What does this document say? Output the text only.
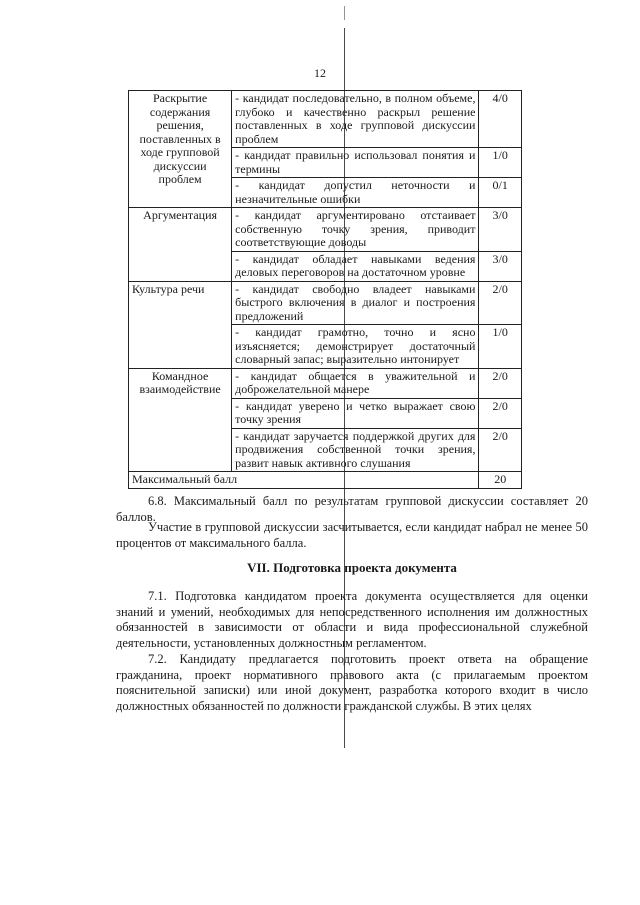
12
Раскрытие содержания решения, поставленных в ходе групповой дискуссии проблем	- кандидат последовательно, в полном объеме, глубоко и качественно раскрыл решение поставленных в ходе групповой дискуссии проблем	4/0
	- кандидат правильно использовал понятия и термины	1/0
	- кандидат допустил неточности и незначительные ошибки	0/1
Аргументация	- кандидат аргументировано отстаивает собственную точку зрения, приводит соответствующие доводы	3/0
	- кандидат обладает навыками ведения деловых переговоров на достаточном уровне	3/0
Культура речи	- кандидат свободно владеет навыками быстрого включения в диалог и построения предложений	2/0
	- кандидат грамотно, точно и ясно изъясняется; демонстрирует достаточный словарный запас; выразительно интонирует	1/0
Командное взаимодействие	- кандидат общается в уважительной и доброжелательной манере	2/0
	- кандидат уверено и четко выражает свою точку зрения	2/0
	- кандидат заручается поддержкой других для продвижения собственной точки зрения, развит навык активного слушания	2/0
Максимальный балл		20

6.8. Максимальный балл по результатам групповой дискуссии составляет 20 баллов.

Участие в групповой дискуссии засчитывается, если кандидат набрал не менее 50 процентов от максимального балла.

VII. Подготовка проекта документа

7.1. Подготовка кандидатом проекта документа осуществляется для оценки знаний и умений, необходимых для непосредственного исполнения им должностных обязанностей в зависимости от области и вида профессиональной служебной деятельности, установленных должностным регламентом.

7.2. Кандидату предлагается подготовить проект ответа на обращение гражданина, проект нормативного правового акта (с прилагаемым проектом пояснительной записки) или иной документ, разработка которого входит в число должностных обязанностей по должности гражданской службы. В этих целях
